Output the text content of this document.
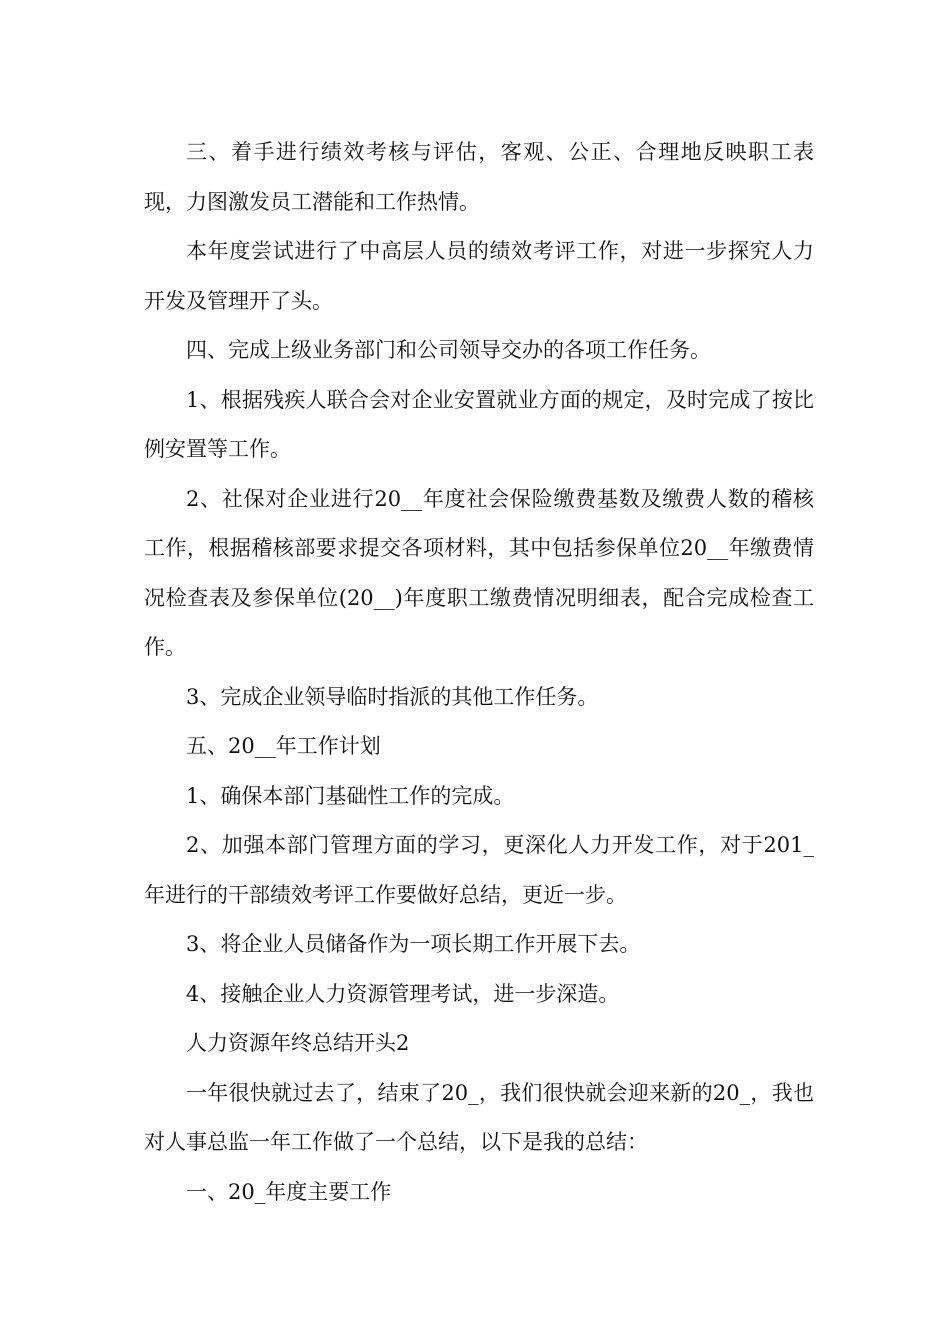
三、着手进行绩效考核与评估，客观、公正、合理地反映职工表现，力图激发员工潜能和工作热情。

本年度尝试进行了中高层人员的绩效考评工作，对进一步探究人力开发及管理开了头。

四、完成上级业务部门和公司领导交办的各项工作任务。

1、根据残疾人联合会对企业安置就业方面的规定，及时完成了按比例安置等工作。

2、社保对企业进行20__年度社会保险缴费基数及缴费人数的稽核工作，根据稽核部要求提交各项材料，其中包括参保单位20__年缴费情况检查表及参保单位(20__)年度职工缴费情况明细表，配合完成检查工作。

3、完成企业领导临时指派的其他工作任务。

五、20__年工作计划

1、确保本部门基础性工作的完成。

2、加强本部门管理方面的学习，更深化人力开发工作，对于201_年进行的干部绩效考评工作要做好总结，更近一步。

3、将企业人员储备作为一项长期工作开展下去。

4、接触企业人力资源管理考试，进一步深造。

人力资源年终总结开头2

一年很快就过去了，结束了20_，我们很快就会迎来新的20_，我也对人事总监一年工作做了一个总结，以下是我的总结：

一、20_年度主要工作
